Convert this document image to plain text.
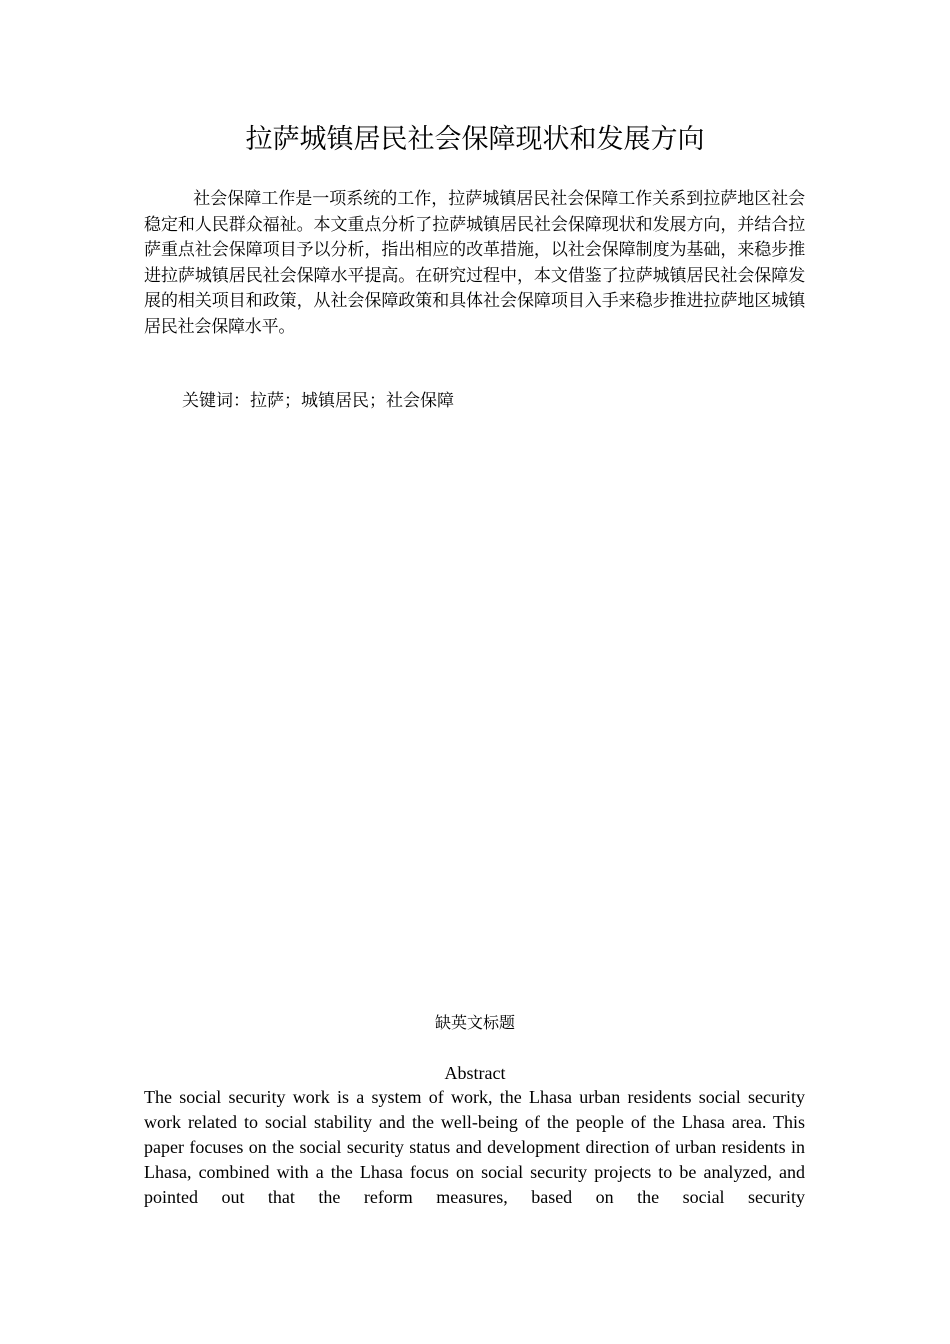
拉萨城镇居民社会保障现状和发展方向

社会保障工作是一项系统的工作，拉萨城镇居民社会保障工作关系到拉萨地区社会稳定和人民群众福祉。本文重点分析了拉萨城镇居民社会保障现状和发展方向，并结合拉萨重点社会保障项目予以分析，指出相应的改革措施，以社会保障制度为基础，来稳步推进拉萨城镇居民社会保障水平提高。在研究过程中，本文借鉴了拉萨城镇居民社会保障发展的相关项目和政策，从社会保障政策和具体社会保障项目入手来稳步推进拉萨地区城镇居民社会保障水平。

关键词：拉萨；城镇居民；社会保障

缺英文标题

Abstract

The social security work is a system of work, the Lhasa urban residents social security work related to social stability and the well-being of the people of the Lhasa area. This paper focuses on the social security status and development direction of urban residents in Lhasa, combined with a the Lhasa focus on social security projects to be analyzed, and pointed out that the reform measures, based on the social security
